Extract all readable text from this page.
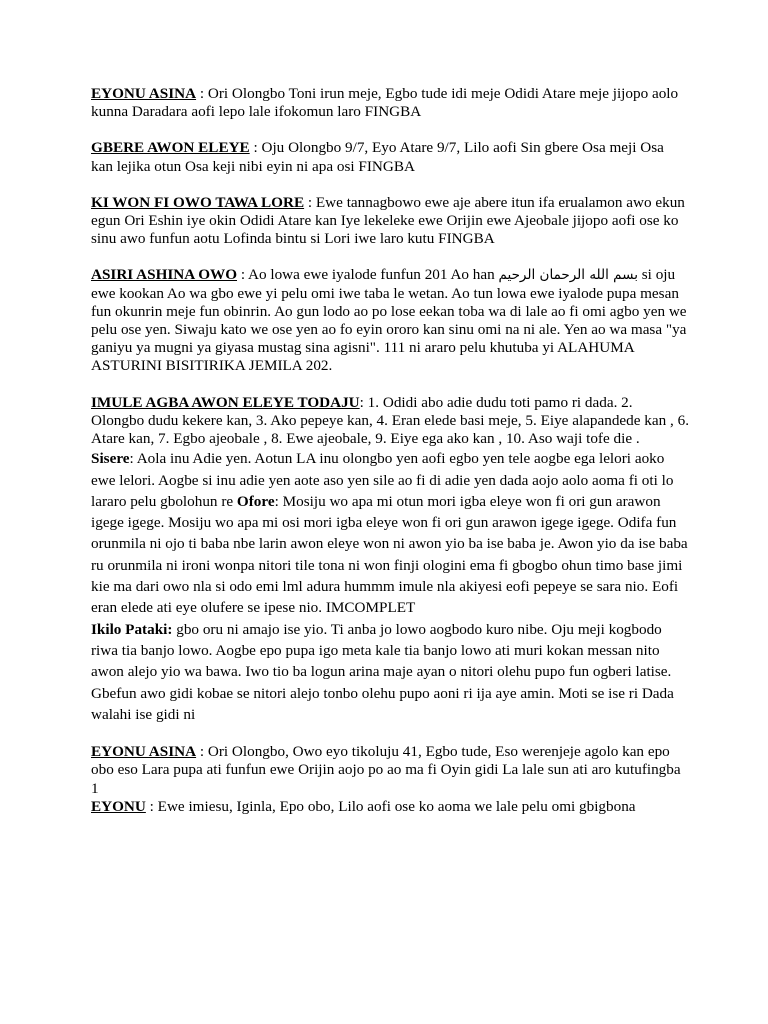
EYONU ASINA : Ori Olongbo Toni irun meje, Egbo tude idi meje Odidi Atare meje jijopo aolo kunna Daradara aofi lepo lale ifokomun laro FINGBA

GBERE AWON ELEYE : Oju Olongbo 9/7, Eyo Atare 9/7, Lilo aofi Sin gbere Osa meji Osa kan lejika otun Osa keji nibi eyin ni apa osi FINGBA

KI WON FI OWO TAWA LORE : Ewe tannagbowo ewe aje abere itun ifa erualamon awo ekun egun Ori Eshin iye okin Odidi Atare kan Iye lekeleke ewe Orijin ewe Ajeobale jijopo aofi ose ko sinu awo funfun aotu Lofinda bintu si Lori iwe laro kutu FINGBA

ASIRI ASHINA OWO : Ao lowa ewe iyalode funfun 201 Ao han بسم الله الرحمان الرحيم si oju ewe kookan Ao wa gbo ewe yi pelu omi iwe taba le wetan. Ao tun lowa ewe iyalode pupa mesan fun okunrin meje fun obinrin. Ao gun lodo ao po lose eekan toba wa di lale ao fi omi agbo yen we pelu ose yen. Siwaju kato we ose yen ao fo eyin ororo kan sinu omi na ni ale. Yen ao wa masa "ya ganiyu ya mugni ya giyasa mustag sina agisni". 111 ni araro pelu khutuba yi ALAHUMA ASTURINI BISITIRIKA JEMILA 202.

IMULE AGBA AWON ELEYE TODAJU: 1. Odidi abo adie dudu toti pamo ri dada. 2. Olongbo dudu kekere kan, 3. Ako pepeye kan, 4. Eran elede basi meje, 5. Eiye alapandede kan , 6. Atare kan, 7. Egbo ajeobale , 8. Ewe ajeobale, 9. Eiye ega ako kan , 10. Aso waji tofe die .

Sisere: Aola inu Adie yen. Aotun LA inu olongbo yen aofi egbo yen tele aogbe ega lelori aoko ewe lelori. Aogbe si inu adie yen aote aso yen sile ao fi di adie yen dada aojo aolo aoma fi oti lo lararo pelu gbolohun re Ofore: Mosiju wo apa mi otun mori igba eleye won fi ori gun arawon igege igege. Mosiju wo apa mi osi mori igba eleye won fi ori gun arawon igege igege. Odifa fun orunmila ni ojo ti baba nbe larin awon eleye won ni awon yio ba ise baba je. Awon yio da ise baba ru orunmila ni ironi wonpa nitori tile tona ni won finji ologini ema fi gbogbo ohun timo base jimi kie ma dari owo nla si odo emi lml adura hummm imule nla akiyesi eofi pepeye se sara nio. Eofi eran elede ati eye olufere se ipese nio. IMCOMPLET

Ikilo Pataki: gbo oru ni amajo ise yio. Ti anba jo lowo aogbodo kuro nibe. Oju meji kogbodo riwa tia banjo lowo. Aogbe epo pupa igo meta kale tia banjo lowo ati muri kokan messan nito awon alejo yio wa bawa. Iwo tio ba logun arina maje ayan o nitori olehu pupo fun ogberi latise. Gbefun awo gidi kobae se nitori alejo tonbo olehu pupo aoni ri ija aye amin. Moti se ise ri Dada walahi ise gidi ni

EYONU ASINA : Ori Olongbo, Owo eyo tikoluju 41, Egbo tude, Eso werenjeje agolo kan epo obo eso Lara pupa ati funfun ewe Orijin aojo po ao ma fi Oyin gidi La lale sun ati aro kutufingba 1

EYONU : Ewe imiesu, Iginla, Epo obo, Lilo aofi ose ko aoma we lale pelu omi gbigbona
